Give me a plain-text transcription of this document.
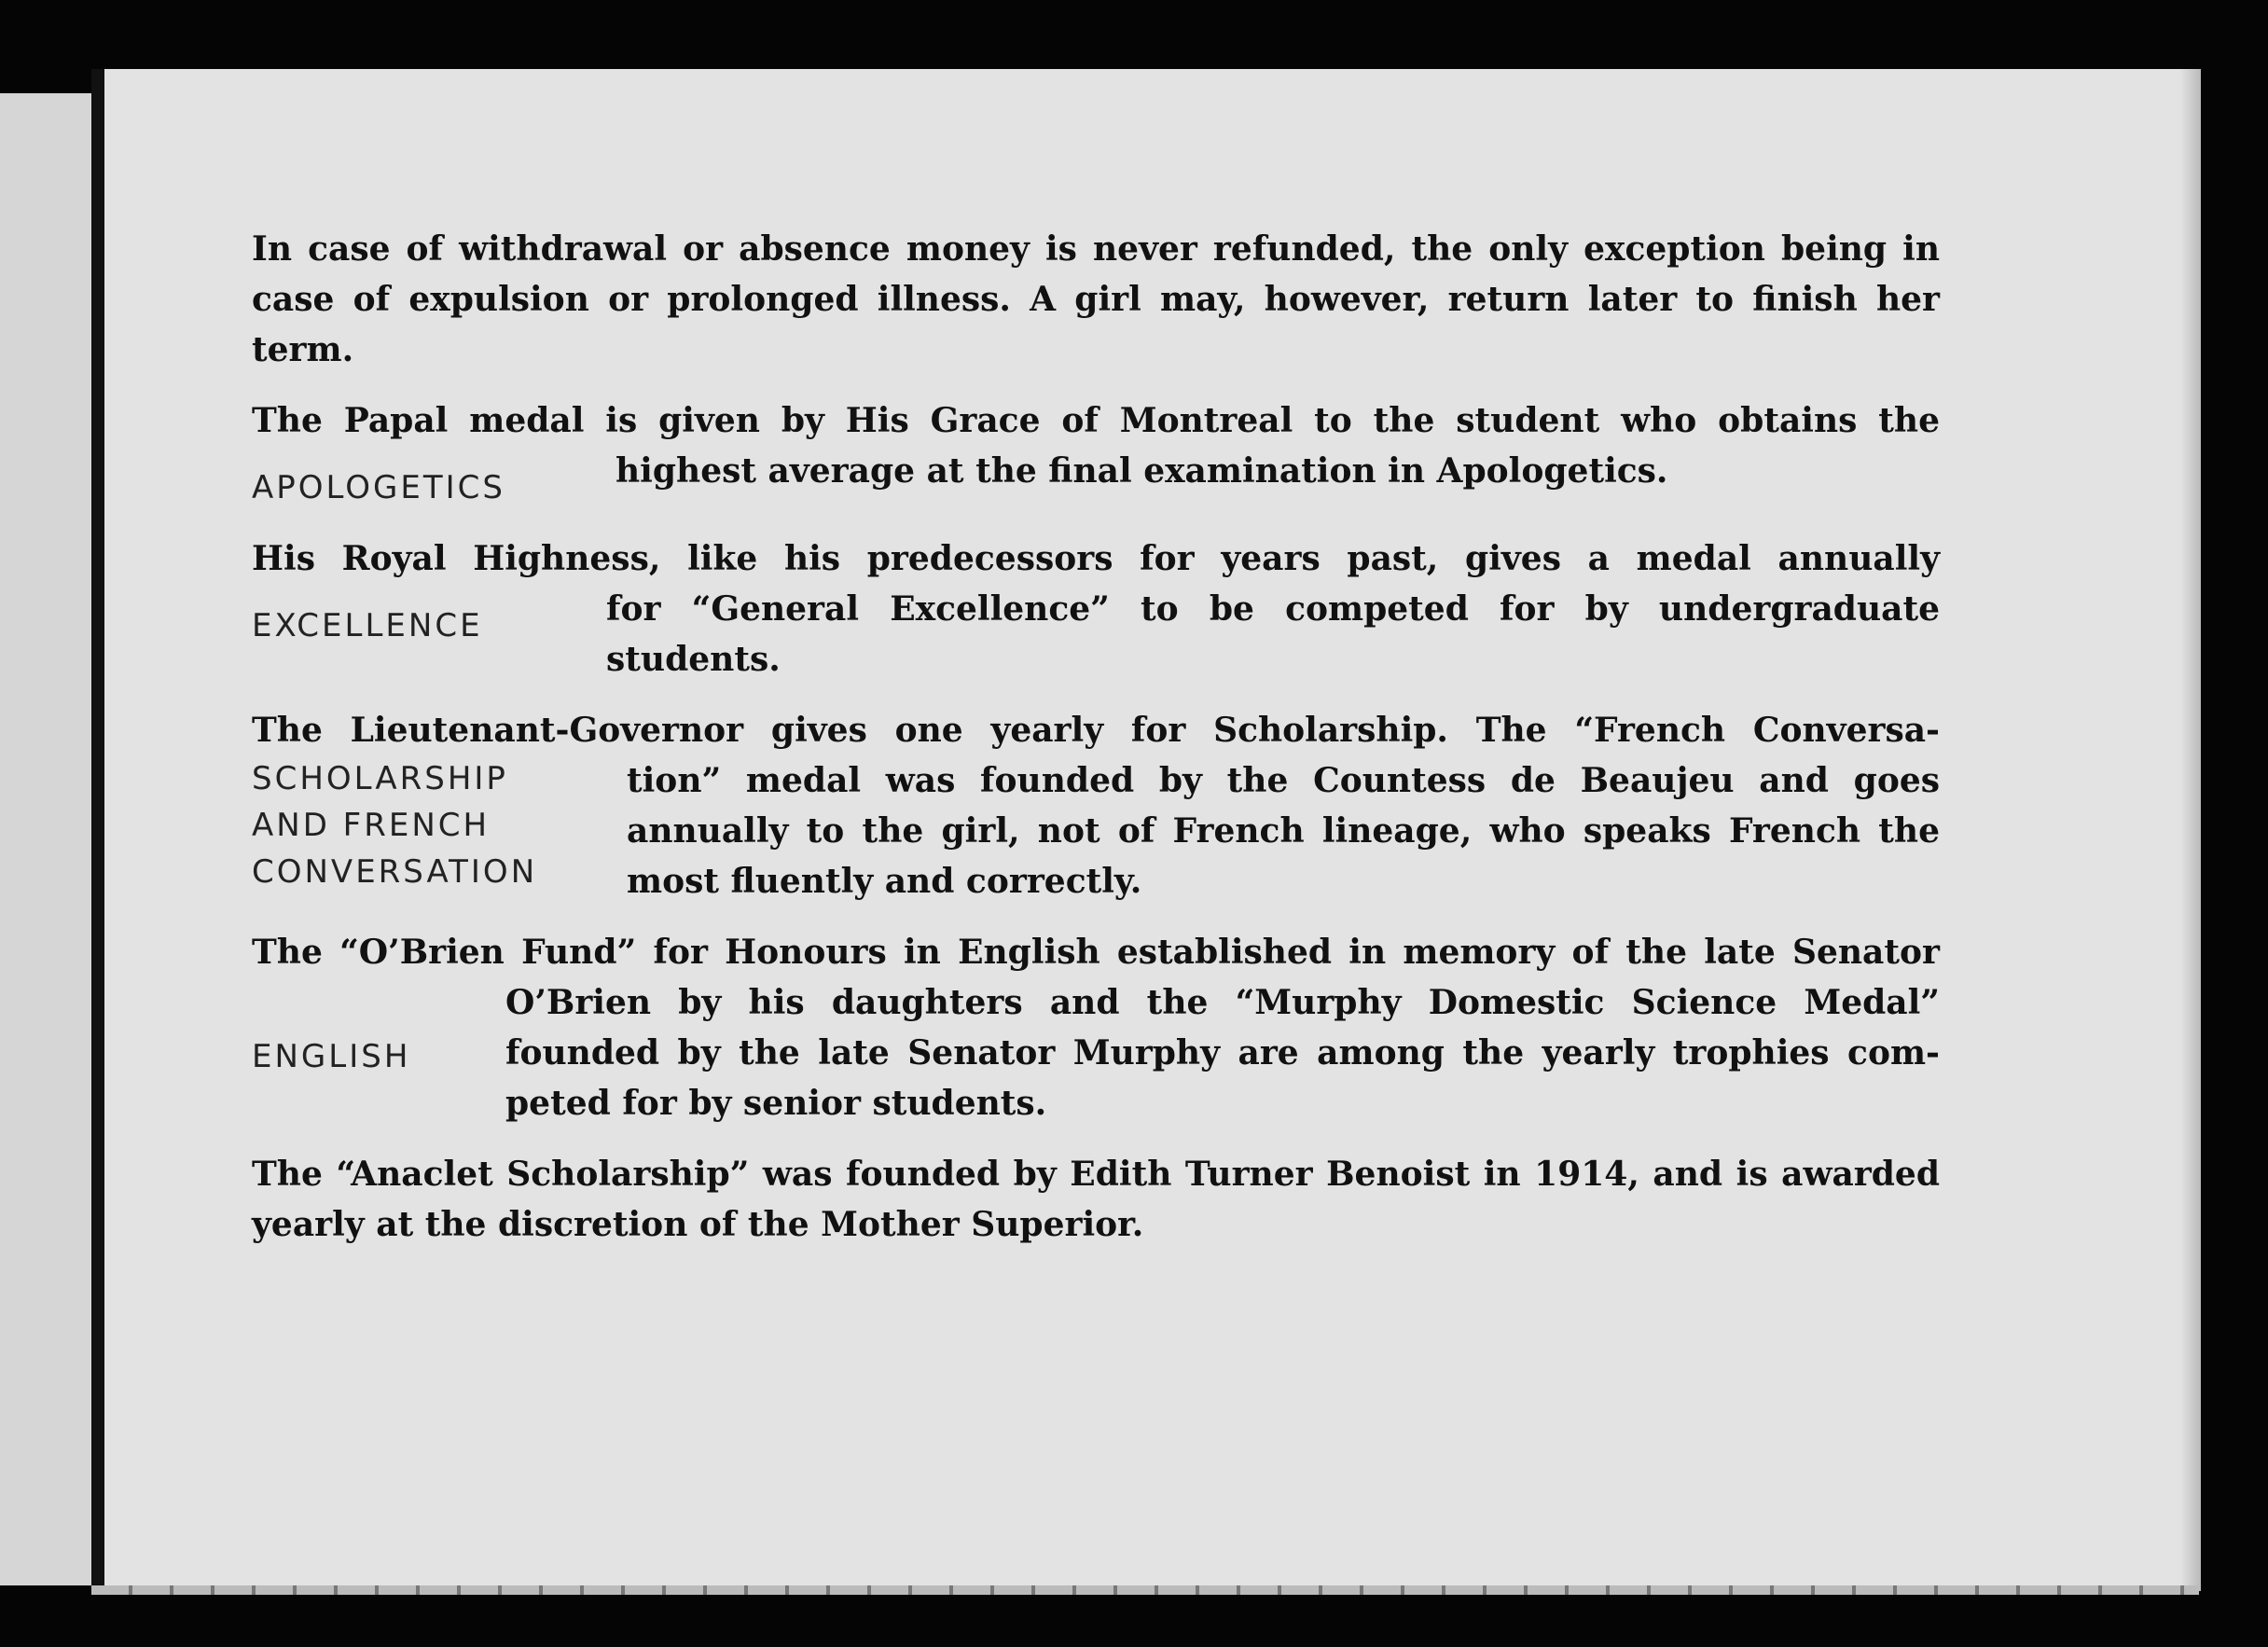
In case of withdrawal or absence money is never refunded, the only exception being in case of expulsion or prolonged illness. A girl may, however, return later to finish her term.
The Papal medal is given by His Grace of Montreal to the student who obtains the
APOLOGETICS	highest average at the final examination in Apologetics.
His Royal Highness, like his predecessors for years past, gives a medal annually
EXCELLENCE	for “General Excellence” to be competed for by undergraduate students.
The Lieutenant-Governor gives one yearly for Scholarship. The “French Conversa-
SCHOLARSHIP
AND FRENCH
CONVERSATION
tion” medal was founded by the Countess de Beaujeu and goes annually to the girl, not of French lineage, who speaks French the most fluently and correctly.
The “O’Brien Fund” for Honours in English established in memory of the late Senator
ENGLISH
O’Brien by his daughters and the “Murphy Domestic Science Medal” founded by the late Senator Murphy are among the yearly trophies com- peted for by senior students.
The “Anaclet Scholarship” was founded by Edith Turner Benoist in 1914, and is awarded yearly at the discretion of the Mother Superior.
